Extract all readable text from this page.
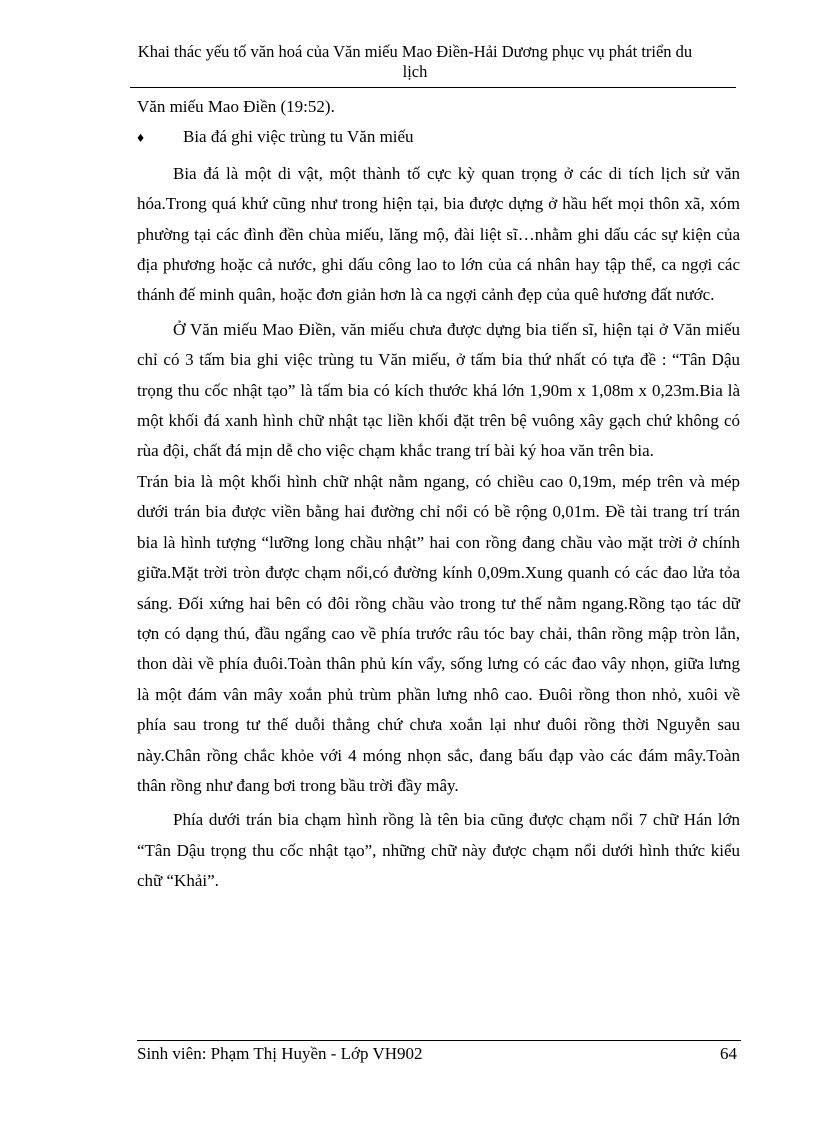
Khai thác yếu tố văn hoá của Văn miếu Mao Điền-Hải Dương phục vụ phát triển du lịch

Văn miếu Mao Điền (19:52).

♦	Bia đá ghi việc trùng tu Văn miếu

Bia đá là một di vật, một thành tố cực kỳ quan trọng ở các di tích lịch sử văn hóa.Trong quá khứ cũng như trong hiện tại, bia được dựng ở hầu hết mọi thôn xã, xóm phường tại các đình đền chùa miếu, lăng mộ, đài liệt sĩ…nhằm ghi dấu các sự kiện của địa phương hoặc cả nước, ghi dấu công lao to lớn của cá nhân hay tập thể, ca ngợi các thánh đế minh quân, hoặc đơn giản hơn là ca ngợi cảnh đẹp của quê hương đất nước.

Ở Văn miếu Mao Điền, văn miếu chưa được dựng bia tiến sĩ, hiện tại ở Văn miếu chỉ có 3 tấm bia ghi việc trùng tu Văn miếu, ở tấm bia thứ nhất có tựa đề : “Tân Dậu trọng thu cốc nhật tạo” là tấm bia có kích thước khá lớn 1,90m x 1,08m x 0,23m.Bia là một khối đá xanh hình chữ nhật tạc liền khối đặt trên bệ vuông xây gạch chứ không có rùa đội, chất đá mịn dễ cho việc chạm khắc trang trí bài ký hoa văn trên bia.

Trán bia là một khối hình chữ nhật nằm ngang, có chiều cao 0,19m, mép trên và mép dưới trán bia được viền bằng hai đường chỉ nổi có bề rộng 0,01m. Đề tài trang trí trán bia là hình tượng “lưỡng long chầu nhật” hai con rồng đang chầu vào mặt trời ở chính giữa.Mặt trời tròn được chạm nổi,có đường kính 0,09m.Xung quanh có các đao lửa tỏa sáng. Đối xứng hai bên có đôi rồng chầu vào trong tư thế nằm ngang.Rồng tạo tác dữ tợn có dạng thú, đầu ngẩng cao về phía trước râu tóc bay chải, thân rồng mập tròn lẳn, thon dài về phía đuôi.Toàn thân phủ kín vẩy, sống lưng có các đao vây nhọn, giữa lưng là một đám vân mây xoắn phủ trùm phần lưng nhô cao. Đuôi rồng thon nhỏ, xuôi về phía sau trong tư thế duỗi thẳng chứ chưa xoắn lại như đuôi rồng thời Nguyễn sau này.Chân rồng chắc khỏe với 4 móng nhọn sắc, đang bấu đạp vào các đám mây.Toàn thân rồng như đang bơi trong bầu trời đầy mây.

Phía dưới trán bia chạm hình rồng là tên bia cũng được chạm nổi 7 chữ Hán lớn “Tân Dậu trọng thu cốc nhật tạo”, những chữ này được chạm nổi dưới hình thức kiểu chữ “Khải”.

Sinh viên: Phạm Thị Huyền - Lớp VH902	64
